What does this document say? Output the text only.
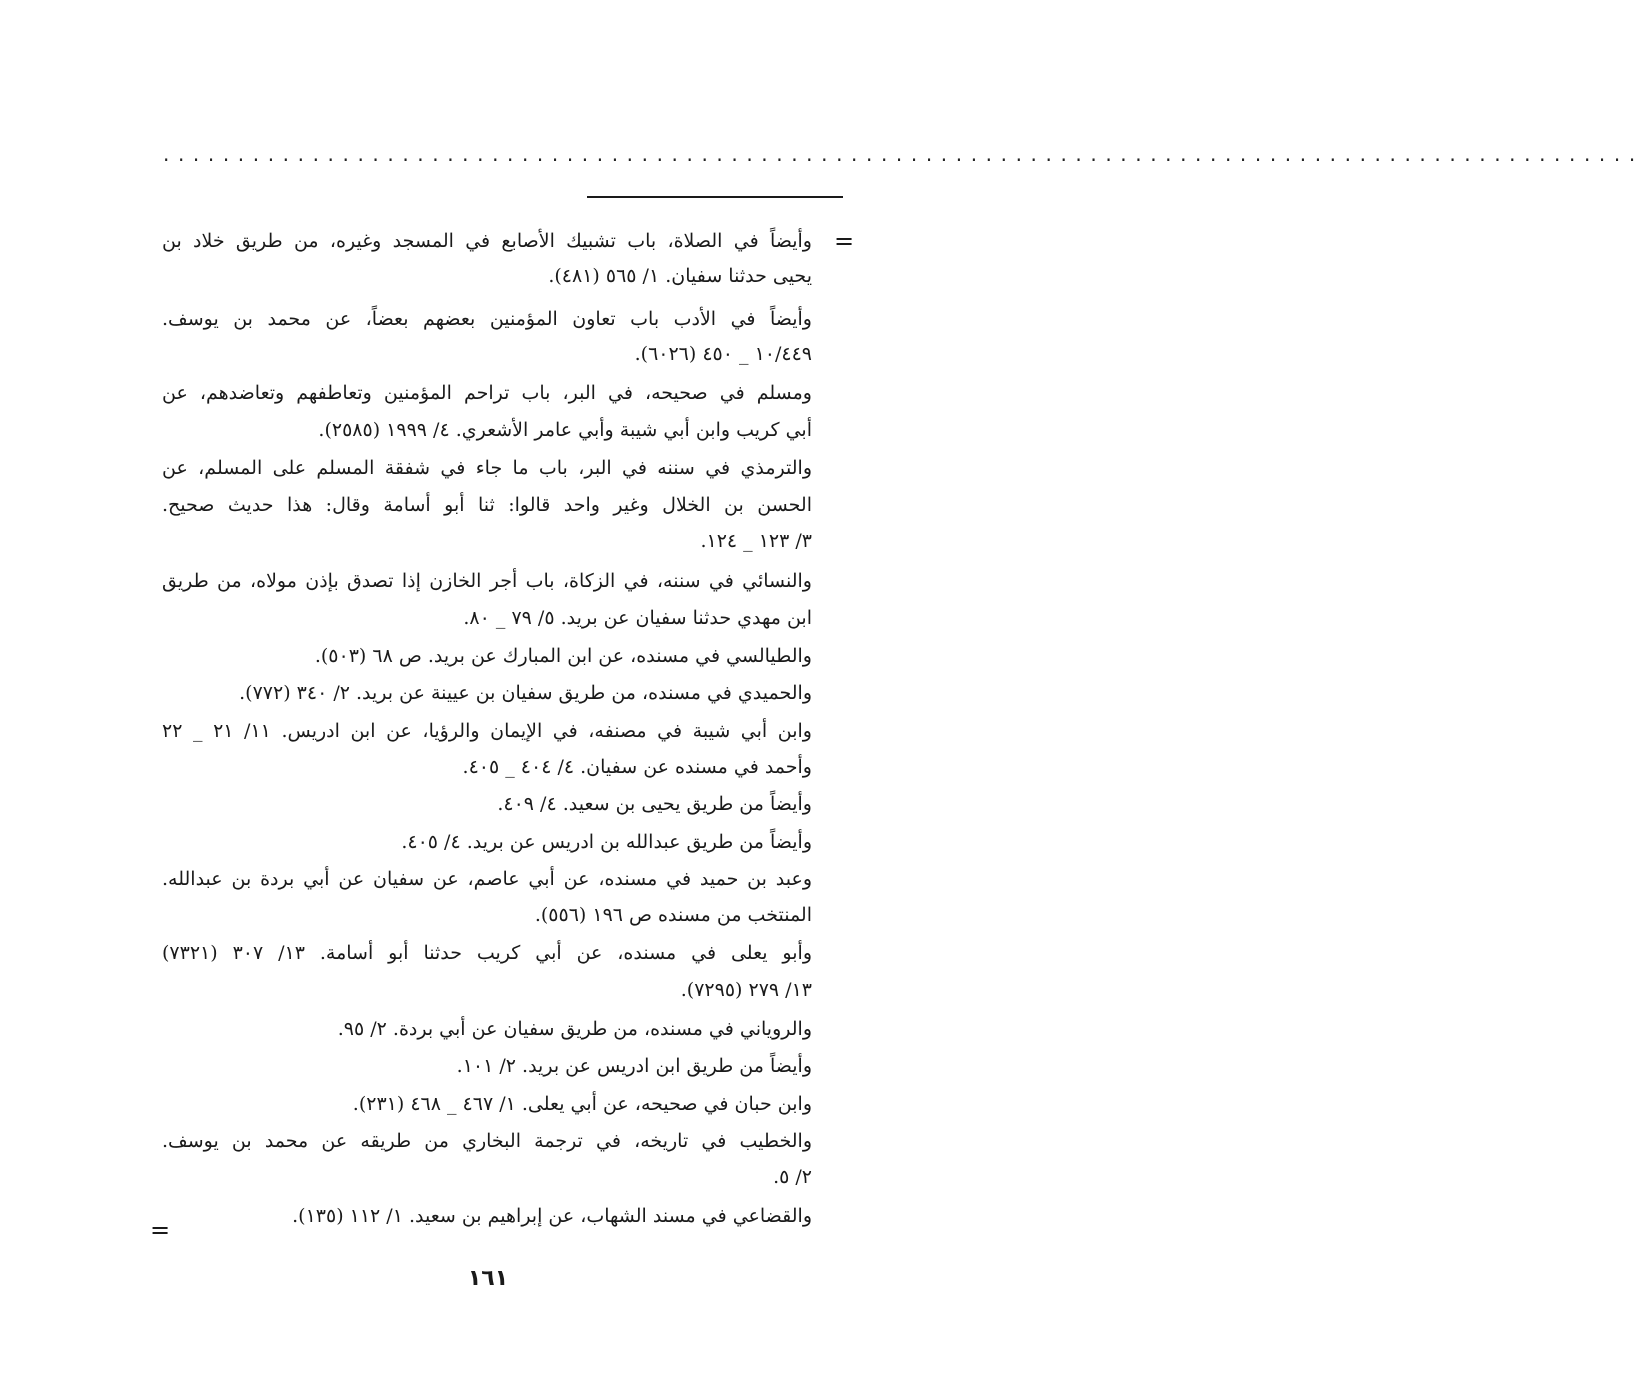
...................................................................................................
=
وأيضاً في الصلاة، باب تشبيك الأصابع في المسجد وغيره، من طريق خلاد بن
يحيى حدثنا سفيان. ١/ ٥٦٥ (٤٨١).
وأيضاً في الأدب باب تعاون المؤمنين بعضهم بعضاً، عن محمد بن يوسف.
١٠/٤٤٩ _ ٤٥٠ (٦٠٢٦).
ومسلم في صحيحه، في البر، باب تراحم المؤمنين وتعاطفهم وتعاضدهم، عن
أبي كريب وابن أبي شيبة وأبي عامر الأشعري. ٤/ ١٩٩٩ (٢٥٨٥).
والترمذي في سننه في البر، باب ما جاء في شفقة المسلم على المسلم، عن
الحسن بن الخلال وغير واحد قالوا: ثنا أبو أسامة وقال: هذا حديث صحيح.
٣/ ١٢٣ _ ١٢٤.
والنسائي في سننه، في الزكاة، باب أجر الخازن إذا تصدق بإذن مولاه، من طريق
ابن مهدي حدثنا سفيان عن بريد. ٥/ ٧٩ _ ٨٠.
والطيالسي في مسنده، عن ابن المبارك عن بريد. ص ٦٨ (٥٠٣).
والحميدي في مسنده، من طريق سفيان بن عيينة عن بريد. ٢/ ٣٤٠ (٧٧٢).
وابن أبي شيبة في مصنفه، في الإيمان والرؤيا، عن ابن ادريس. ١١/ ٢١ _ ٢٢
وأحمد في مسنده عن سفيان. ٤/ ٤٠٤ _ ٤٠٥.
وأيضاً من طريق يحيى بن سعيد. ٤/ ٤٠٩.
وأيضاً من طريق عبدالله بن ادريس عن بريد. ٤/ ٤٠٥.
وعبد بن حميد في مسنده، عن أبي عاصم، عن سفيان عن أبي بردة بن عبدالله.
المنتخب من مسنده ص ١٩٦ (٥٥٦).
وأبو يعلى في مسنده، عن أبي كريب حدثنا أبو أسامة. ١٣/ ٣٠٧ (٧٣٢١)
١٣/ ٢٧٩ (٧٢٩٥).
والروياني في مسنده، من طريق سفيان عن أبي بردة. ٢/ ٩٥.
وأيضاً من طريق ابن ادريس عن بريد. ٢/ ١٠١.
وابن حبان في صحيحه، عن أبي يعلى. ١/ ٤٦٧ _ ٤٦٨ (٢٣١).
والخطيب في تاريخه، في ترجمة البخاري من طريقه عن محمد بن يوسف.
٢/ ٥.
والقضاعي في مسند الشهاب، عن إبراهيم بن سعيد. ١/ ١١٢ (١٣٥).
=
١٦١
